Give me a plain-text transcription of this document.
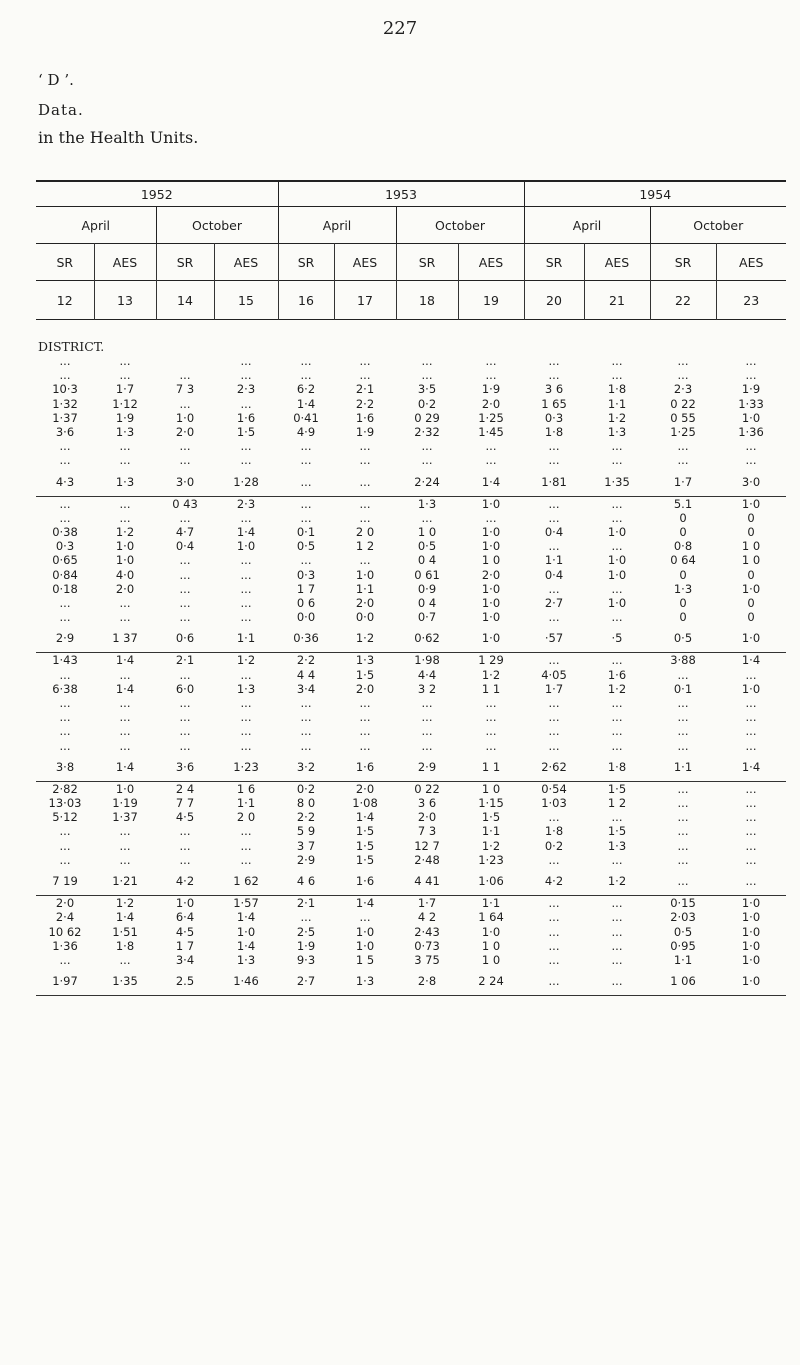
227
‘ D ’.
Data.
in the Health Units.
1952				1953				1954			
April		October		April		October		April		October	
SR	AES	SR	AES	SR	AES	SR	AES	SR	AES	SR	AES
12	13	14	15	16	17	18	19	20	21	22	23
DISTRICT.											
...	...		...	...	...	...	...	...	...	...	...
...	...	...	...	...	...	...	...	...	...	...	...
10·3	1·7	7 3	2·3	6·2	2·1	3·5	1·9	3 6	1·8	2·3	1·9
1·32	1·12	...	...	1·4	2·2	0·2	2·0	1 65	1·1	0 22	1·33
1·37	1·9	1·0	1·6	0·41	1·6	0 29	1·25	0·3	1·2	0 55	1·0
3·6	1·3	2·0	1·5	4·9	1·9	2·32	1·45	1·8	1·3	1·25	1·36
...	...	...	...	...	...	...	...	...	...	...	...
...	...	...	...	...	...	...	...	...	...	...	...
4·3	1·3	3·0	1·28	...	...	2·24	1·4	1·81	1·35	1·7	3·0
...	...	0 43	2·3	...	...	1·3	1·0	...	...	5.1	1·0
...	...	...	...	...	...	...	...	...	...	0	0
0·38	1·2	4·7	1·4	0·1	2 0	1 0	1·0	0·4	1·0	0	0
0·3	1·0	0·4	1·0	0·5	1 2	0·5	1·0	...	...	0·8	1 0
0·65	1·0	...	...	...	...	0 4	1 0	1·1	1·0	0 64	1 0
0·84	4·0	...	...	0·3	1·0	0 61	2·0	0·4	1·0	0	0
0·18	2·0	...	...	1 7	1·1	0·9	1·0	...	...	1·3	1·0
...	...	...	...	0 6	2·0	0 4	1·0	2·7	1·0	0	0
...	...	...	...	0·0	0·0	0·7	1·0	...	...	0	0
2·9	1 37	0·6	1·1	0·36	1·2	0·62	1·0	·57	·5	0·5	1·0
1·43	1·4	2·1	1·2	2·2	1·3	1·98	1 29	...	...	3·88	1·4
...	...	...	...	4 4	1·5	4·4	1·2	4·05	1·6	...	...
6·38	1·4	6·0	1·3	3·4	2·0	3 2	1 1	1·7	1·2	0·1	1·0
...	...	...	...	...	...	...	...	...	...	...	...
...	...	...	...	...	...	...	...	...	...	...	...
...	...	...	...	...	...	...	...	...	...	...	...
...	...	...	...	...	...	...	...	...	...	...	...
3·8	1·4	3·6	1·23	3·2	1·6	2·9	1 1	2·62	1·8	1·1	1·4
2·82	1·0	2 4	1 6	0·2	2·0	0 22	1 0	0·54	1·5	...	...
13·03	1·19	7 7	1·1	8 0	1·08	3 6	1·15	1·03	1 2	...	...
5·12	1·37	4·5	2 0	2·2	1·4	2·0	1·5	...	...	...	...
...	...	...	...	5 9	1·5	7 3	1·1	1·8	1·5	...	...
...	...	...	...	3 7	1·5	12 7	1·2	0·2	1·3	...	...
...	...	...	...	2·9	1·5	2·48	1·23	...	...	...	...
7 19	1·21	4·2	1 62	4 6	1·6	4 41	1·06	4·2	1·2	...	...
2·0	1·2	1·0	1·57	2·1	1·4	1·7	1·1	...	...	0·15	1·0
2·4	1·4	6·4	1·4	...	...	4 2	1 64	...	...	2·03	1·0
10 62	1·51	4·5	1·0	2·5	1·0	2·43	1·0	...	...	0·5	1·0
1·36	1·8	1 7	1·4	1·9	1·0	0·73	1 0	...	...	0·95	1·0
...	...	3·4	1·3	9·3	1 5	3 75	1 0	...	...	1·1	1·0
1·97	1·35	2.5	1·46	2·7	1·3	2·8	2 24	...	...	1 06	1·0
